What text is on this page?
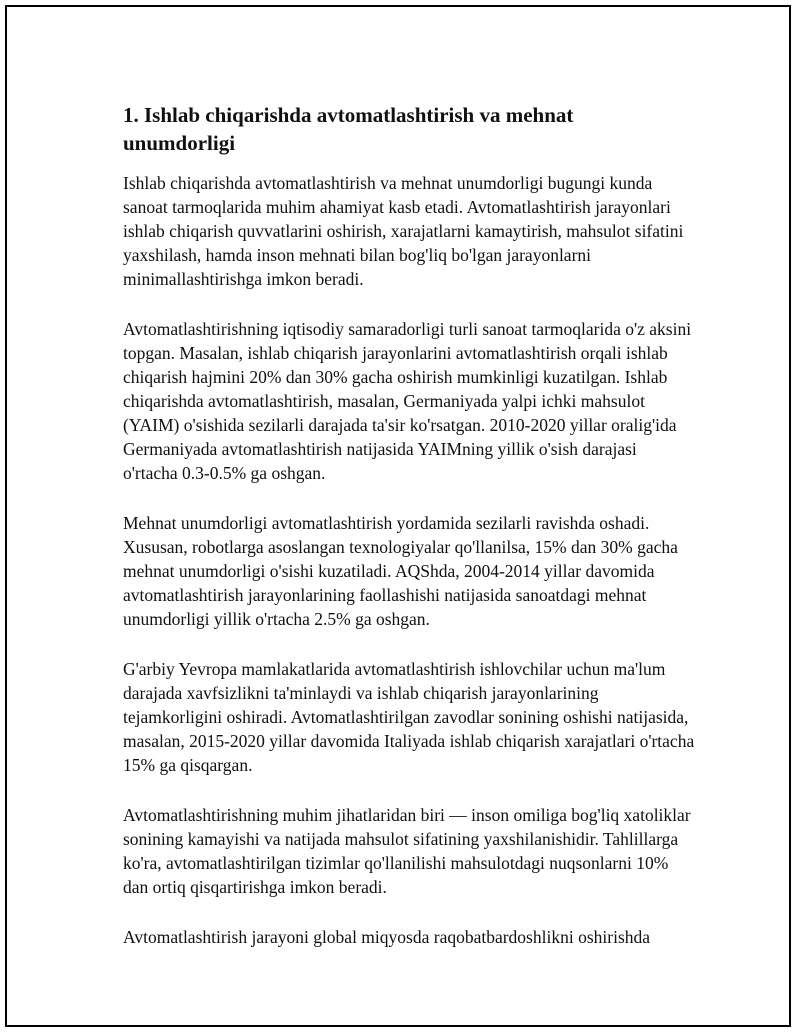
1. Ishlab chiqarishda avtomatlashtirish va mehnat unumdorligi

Ishlab chiqarishda avtomatlashtirish va mehnat unumdorligi bugungi kunda sanoat tarmoqlarida muhim ahamiyat kasb etadi. Avtomatlashtirish jarayonlari ishlab chiqarish quvvatlarini oshirish, xarajatlarni kamaytirish, mahsulot sifatini yaxshilash, hamda inson mehnati bilan bog'liq bo'lgan jarayonlarni minimallashtirishga imkon beradi.

Avtomatlashtirishning iqtisodiy samaradorligi turli sanoat tarmoqlarida o'z aksini topgan. Masalan, ishlab chiqarish jarayonlarini avtomatlashtirish orqali ishlab chiqarish hajmini 20% dan 30% gacha oshirish mumkinligi kuzatilgan. Ishlab chiqarishda avtomatlashtirish, masalan, Germaniyada yalpi ichki mahsulot (YAIM) o'sishida sezilarli darajada ta'sir ko'rsatgan. 2010-2020 yillar oralig'ida Germaniyada avtomatlashtirish natijasida YAIMning yillik o'sish darajasi o'rtacha 0.3-0.5% ga oshgan.

Mehnat unumdorligi avtomatlashtirish yordamida sezilarli ravishda oshadi. Xususan, robotlarga asoslangan texnologiyalar qo'llanilsa, 15% dan 30% gacha mehnat unumdorligi o'sishi kuzatiladi. AQShda, 2004-2014 yillar davomida avtomatlashtirish jarayonlarining faollashishi natijasida sanoatdagi mehnat unumdorligi yillik o'rtacha 2.5% ga oshgan.

G'arbiy Yevropa mamlakatlarida avtomatlashtirish ishlovchilar uchun ma'lum darajada xavfsizlikni ta'minlaydi va ishlab chiqarish jarayonlarining tejamkorligini oshiradi. Avtomatlashtirilgan zavodlar sonining oshishi natijasida, masalan, 2015-2020 yillar davomida Italiyada ishlab chiqarish xarajatlari o'rtacha 15% ga qisqargan.

Avtomatlashtirishning muhim jihatlaridan biri — inson omiliga bog'liq xatoliklar sonining kamayishi va natijada mahsulot sifatining yaxshilanishidir. Tahlillarga ko'ra, avtomatlashtirilgan tizimlar qo'llanilishi mahsulotdagi nuqsonlarni 10% dan ortiq qisqartirishga imkon beradi.

Avtomatlashtirish jarayoni global miqyosda raqobatbardoshlikni oshirishda
